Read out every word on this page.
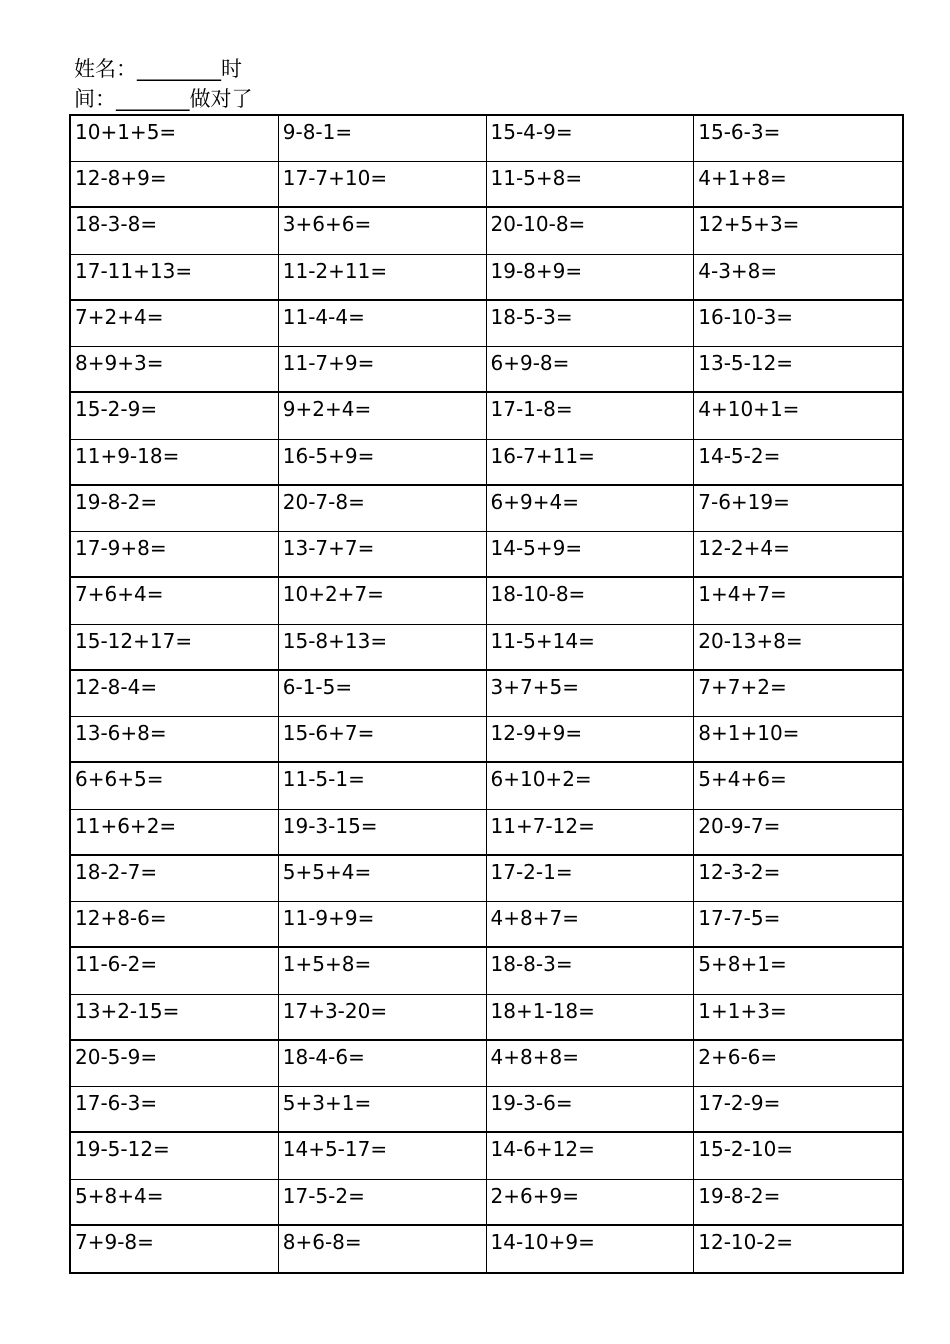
姓名：________时
间：_______做对了
10+1+5=	9-8-1=	15-4-9=	15-6-3=
12-8+9=	17-7+10=	11-5+8=	4+1+8=
18-3-8=	3+6+6=	20-10-8=	12+5+3=
17-11+13=	11-2+11=	19-8+9=	4-3+8=
7+2+4=	11-4-4=	18-5-3=	16-10-3=
8+9+3=	11-7+9=	6+9-8=	13-5-12=
15-2-9=	9+2+4=	17-1-8=	4+10+1=
11+9-18=	16-5+9=	16-7+11=	14-5-2=
19-8-2=	20-7-8=	6+9+4=	7-6+19=
17-9+8=	13-7+7=	14-5+9=	12-2+4=
7+6+4=	10+2+7=	18-10-8=	1+4+7=
15-12+17=	15-8+13=	11-5+14=	20-13+8=
12-8-4=	6-1-5=	3+7+5=	7+7+2=
13-6+8=	15-6+7=	12-9+9=	8+1+10=
6+6+5=	11-5-1=	6+10+2=	5+4+6=
11+6+2=	19-3-15=	11+7-12=	20-9-7=
18-2-7=	5+5+4=	17-2-1=	12-3-2=
12+8-6=	11-9+9=	4+8+7=	17-7-5=
11-6-2=	1+5+8=	18-8-3=	5+8+1=
13+2-15=	17+3-20=	18+1-18=	1+1+3=
20-5-9=	18-4-6=	4+8+8=	2+6-6=
17-6-3=	5+3+1=	19-3-6=	17-2-9=
19-5-12=	14+5-17=	14-6+12=	15-2-10=
5+8+4=	17-5-2=	2+6+9=	19-8-2=
7+9-8=	8+6-8=	14-10+9=	12-10-2=
